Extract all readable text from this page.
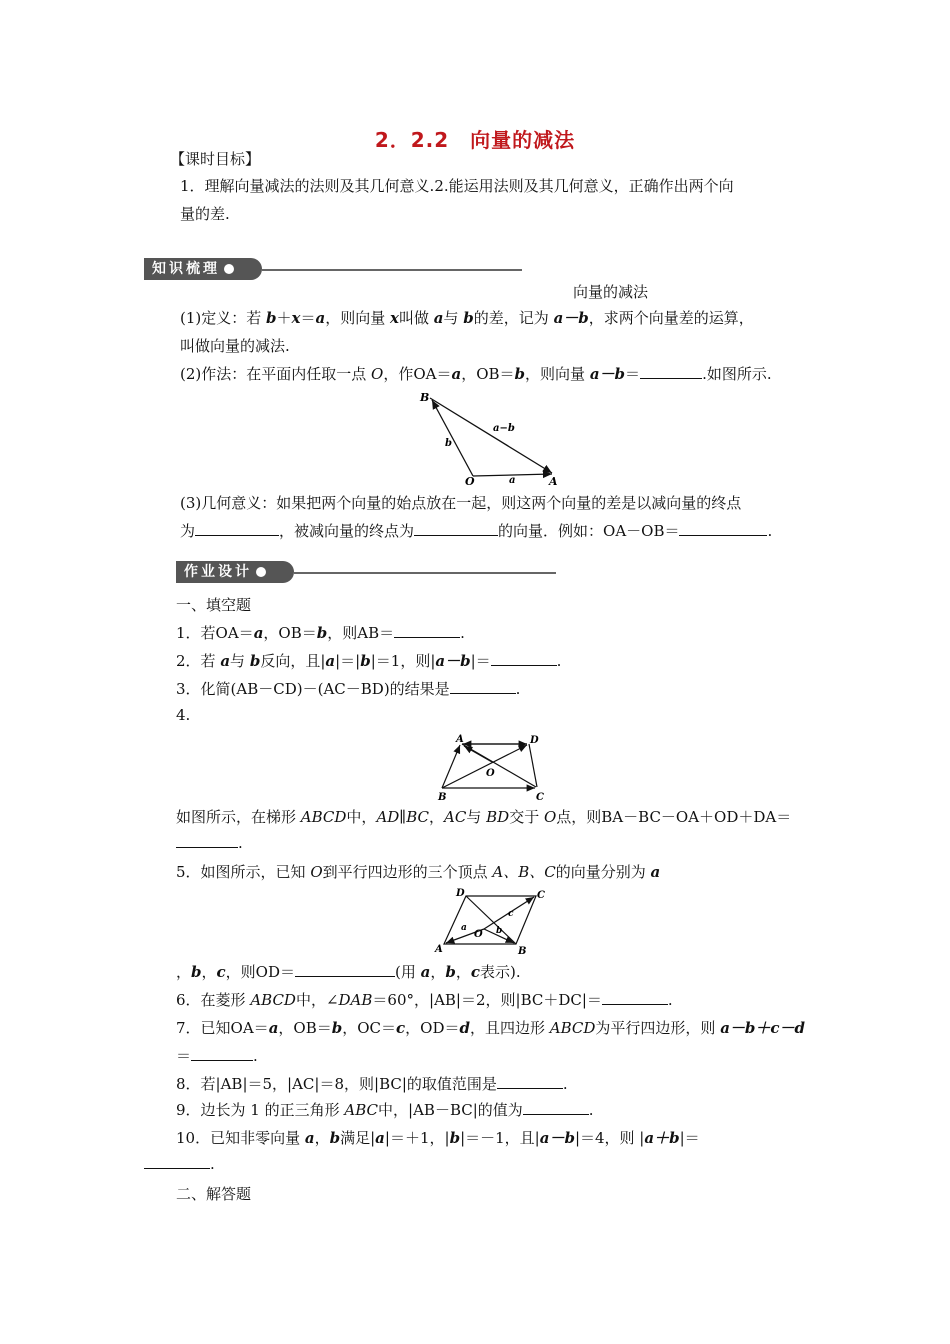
2．2.2　向量的减法
【课时目标】
1．理解向量减法的法则及其几何意义.2.能运用法则及其几何意义，正确作出两个向
量的差.
知识梳理
向量的减法
(1)定义：若 b＋x＝a，则向量 x叫做 a与 b的差，记为 a－b，求两个向量差的运算，
叫做向量的减法.
(2)作法：在平面内任取一点 O，作OA＝a，OB＝b，则向量 a－b＝	.如图所示.
B
O	A
a
b
a−b
(3)几何意义：如果把两个向量的始点放在一起，则这两个向量的差是以减向量的终点
为	，被减向量的终点为	的向量．例如：OA－OB＝	.
作业设计
一、填空题
1．若OA＝a，OB＝b，则AB＝	.
2．若 a与 b反向，且|a|＝|b|＝1，则|a－b|＝	.
3．化简(AB－CD)－(AC－BD)的结果是	.
4.
A	D
O
B	C
如图所示，在梯形 ABCD中，AD∥BC，AC与 BD交于 O点，则BA－BC－OA＋OD＋DA＝
.
5．如图所示，已知 O到平行四边形的三个顶点 A、B、C的向量分别为 a
D	C
A	B
O
a	b
c
，b，c，则OD＝	(用 a，b，c表示).
6．在菱形 ABCD中，∠DAB＝60°，|AB|＝2，则|BC＋DC|＝	.
7．已知OA＝a，OB＝b，OC＝c，OD＝d，且四边形 ABCD为平行四边形，则 a－b＋c－d
＝	.
8．若|AB|＝5，|AC|＝8，则|BC|的取值范围是	.
9．边长为 1 的正三角形 ABC中，|AB－BC|的值为	.
10．已知非零向量 a，b满足|a|＝＋1，|b|＝－1，且|a－b|＝4，则 |a＋b|＝
.
二、解答题
